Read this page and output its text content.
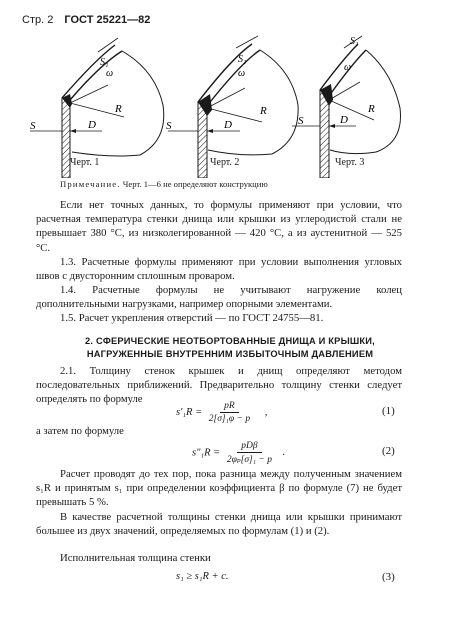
Стр. 2 ГОСТ 25221—82
S₁
ω
R
D
S
S₁
ω
R
D
S
S₁
ω
R
D
S
Черт. 1	Черт. 2	Черт. 3
Примечание. Черт. 1—6 не определяют конструкцию
Если нет точных данных, то формулы применяют при условии, что расчетная температура стенки днища или крышки из углеродистой стали не превышает 380 °С, из низколегированной — 420 °С, а из аустенитной — 525 °С.
1.3. Расчетные формулы применяют при условии выполнения угловых швов с двусторонним сплошным проваром.
1.4. Расчетные формулы не учитывают нагружение колец дополнительными нагрузками, например опорными элементами.
1.5. Расчет укрепления отверстий — по ГОСТ 24755—81.
2. СФЕРИЧЕСКИЕ НЕОТБОРТОВАННЫЕ ДНИЩА И КРЫШКИ,
НАГРУЖЕННЫЕ ВНУТРЕННИМ ИЗБЫТОЧНЫМ ДАВЛЕНИЕМ
2.1. Толщину стенок крышек и днищ определяют методом последовательных приближений. Предварительно толщину стенки следует определять по формуле
$s'_1R = \frac{pR}{\text{2[σ]₁φ − p}}$ ,	(1)
а затем по формуле
$s''_1R = \frac{\text{pDβ}}{\text{2φₚ[σ]₁ − p}}$ .	(2)
Расчет проводят до тех пор, пока разница между полученным значением s₁R и принятым s₁ при определении коэффициента β по формуле (7) не будет превышать 5 %.
В качестве расчетной толщины стенки днища или крышки принимают большее из двух значений, определяемых по формулам (1) и (2).
Исполнительная толщина стенки
s₁ ≥ s₁R + c.	(3)
